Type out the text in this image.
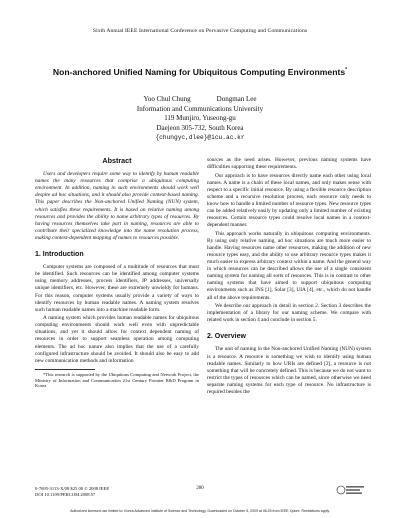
Sixth Annual IEEE International Conference on Pervasive Computing and Communications
Non-anchored Unified Naming for Ubiquitous Computing Environments*
Yoo Chul Chung	Dongman Lee
Information and Communications University
119 Munjiro, Yuseong-gu
Daejeon 305-732, South Korea
{chungyc,dlee}@icu.ac.kr
Abstract

Users and developers require some way to identify by human readable names the many resources that comprise a ubiquitous computing environment. In addition, naming in such environments should work well despite ad hoc situations, and it should also provide context-based naming. This paper describes the Non-anchored Unified Naming (NUN) system, which satisfies these requirements. It is based on relative naming among resources and provides the ability to name arbitrary types of resources. By having resources themselves take part in naming, resources are able to contribute their specialized knowledge into the name resolution process, making context-dependent mapping of names to resources possible.

1. Introduction

Computer systems are composed of a multitude of resources that must be identified. Such resources can be identified among computer systems using memory addresses, process identifiers, IP addresses, universally unique identifiers, etc. However, these are extremely unwieldy for humans. For this reason, computer systems usually provide a variety of ways to identify resources by human readable names. A naming system resolves such human readable names into a machine readable form.

A naming system which provides human readable names for ubiquitous computing environments should work well even with unpredictable situations, and yet it should allow for context dependent naming of resources in order to support seamless operation among computing elements. The ad hoc nature also implies that the use of a carefully configured infrastructure should be avoided. It should also be easy to add new communication methods and information

*This research is supported by the Ubiquitous Computing and Network Project, the Ministry of Information and Communication 21st Century Frontier R&D Program in Korea

sources as the need arises. However, previous naming systems have difficulties supporting these requirements.

Our approach is to have resources directly name each other using local names. A name is a chain of these local names, and only makes sense with respect to a specific initial resource. By using a flexible resource description scheme and a recursive resolution process, each resource only needs to know how to handle a limited number of resource types. New resource types can be added relatively easily by updating only a limited number of existing resources. Certain resource types could resolve local names in a context-dependent manner.

This approach works naturally in ubiquitous computing environments. By using only relative naming, ad hoc situations are much more easier to handle. Having resources name other resources, making the addition of new resource types easy, and the ability to use arbitrary resource types makes it much easier to express arbitrary context within a name. And the general way in which resources can be described allows the use of a single consistent naming system for naming all sorts of resources. This is in contrast to other naming systems that have aimed to support ubiquitous computing environments such as INS [1], Solar [3], UIA [4], etc., which do not handle all of the above requirements.

We describe our approach in detail in section 2. Section 3 describes the implementation of a library for our naming scheme. We compare with related work in section 4 and conclude in section 5.

2. Overview

The unit of naming in the Non-anchored Unified Naming (NUN) system is a resource. A resource is something we wish to identify using human readable names. Similarly to how URIs are defined [2], a resource is not something that will be concretely defined. This is because we do not want to restrict the types of resources which can be named, since otherwise we need separate naming systems for each type of resource. No infrastructure is required besides the

0-7695-3113-X/08 $25.00 © 2008 IEEE
DOI 10.1109/PERCOM.2008.57
280
Authorized licensed use limited to: Korea Advanced Institute of Science and Technology. Downloaded on October 5, 2009 at 06:25 from IEEE Xplore. Restrictions apply.
